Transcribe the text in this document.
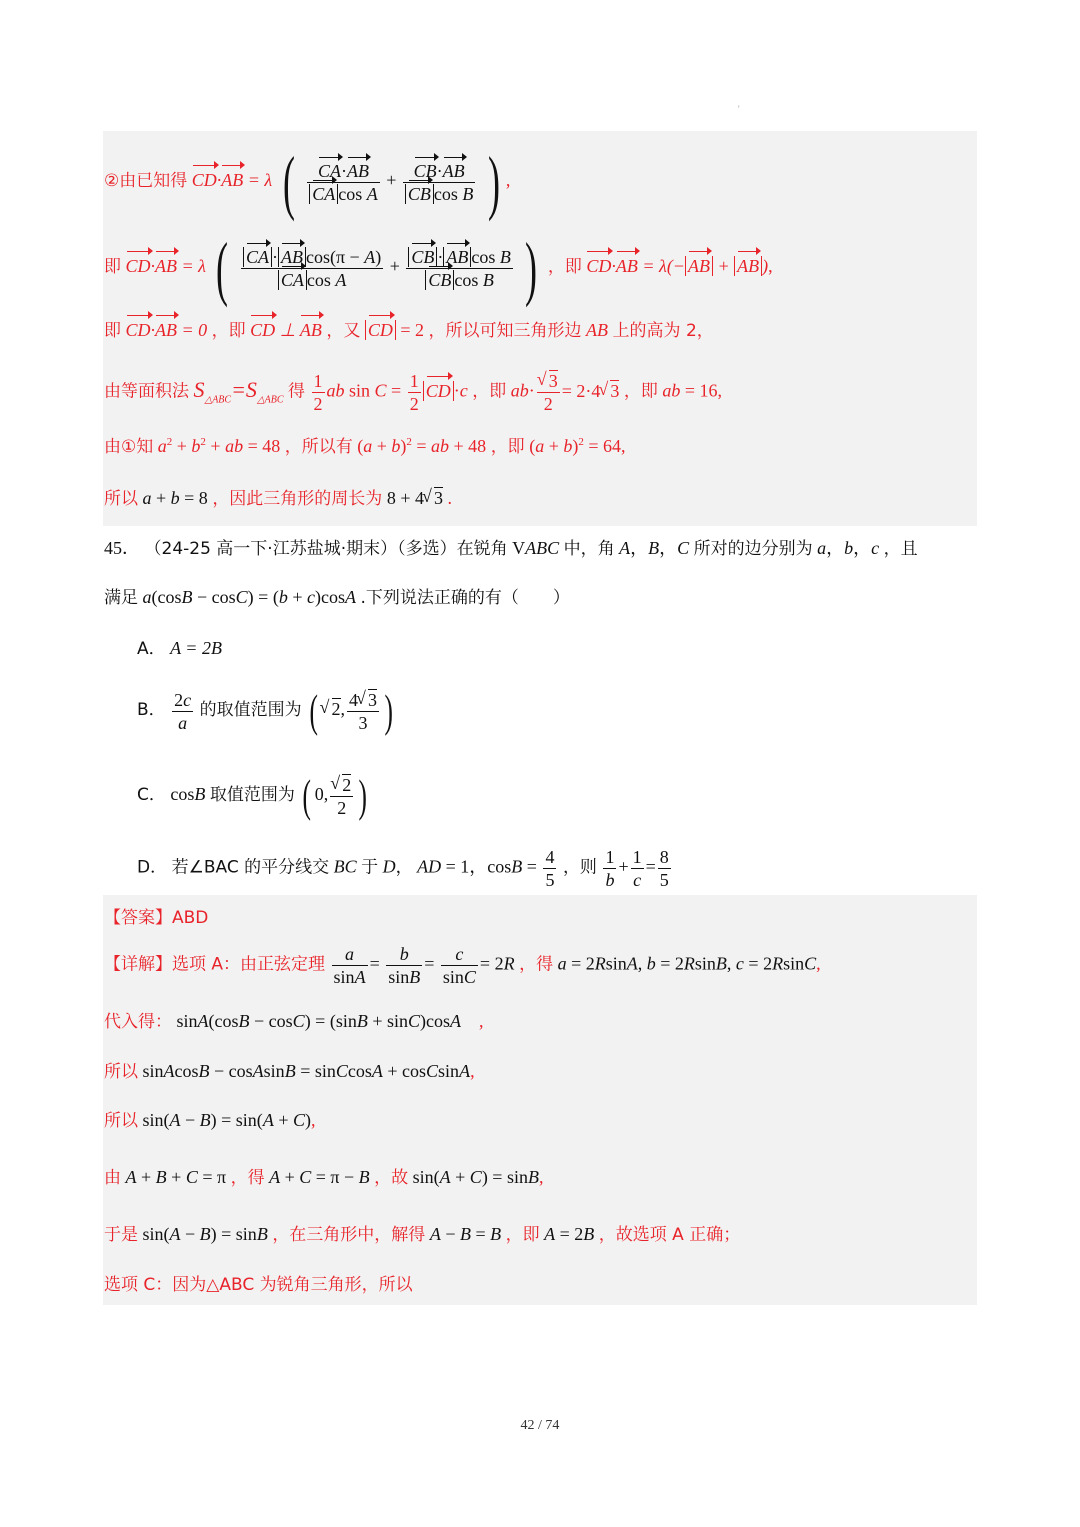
'
②由已知得 CD·AB = λ ( $\frac{CA\cdot AB}{\text{CA cos A}} + \frac{CB\cdot AB}{\text{CB cos B}}$ ) ,
即 CD·AB = λ ( $\frac{\text{CA · AB cos(π − A)}}{\text{CA cos A}} + \frac{\text{CB · AB cos B}}{\text{CB cos B}}$ ) ，即 CD·AB = λ(− AB + AB ),
即 CD·AB = 0 ，即 CD ⊥ AB ，又 CD = 2 ，所以可知三角形边 AB 上的高为 2，
由等面积法 $S_{\triangle ABC}=S_{\triangle ABC}$ 得 $\frac{1}{2}$ ab $\sin C = \frac{1}{2}$ CD ·c ，即 ab·
√ $\frac{3}{2} = 2\cdot 4√$ 3 ，即 ab = 16,
由①知 $a^2 + b^2$ + ab = 48 ，所以有 $(a + b)^2$ = ab + 48 ，即 $(a + b)^2 = 64$,
所以 a + b = 8 ，因此三角形的周长为 8 + 4√ 3 .
45． （24-25 高一下·江苏盐城·期末）（多选）在锐角 VABC 中，角 A，B，C 所对的边分别为 a，b，c ，且
满足 a(cosB − cosC) = (b + c)cosA .下列说法正确的有（　　）
A． A = 2B
B． $\frac{2c}{a}$ 的取值范围为 (√ 2, $\frac{4√ 3}{3}$ )
C． cosB 取值范围为 ( 0,
√ $\frac{2}{2}$ )
D． 若∠BAC 的平分线交 BC 于 D， AD = 1，$\cos B = \frac{4}{5}$ ，则 $\frac{1}{b} + \frac{1}{c} = \frac{8}{5}$
【答案】ABD
【详解】选项 A：由正弦定理 $\frac{a}{\sin A} = \frac{b}{\sin B} = \frac{c}{\sin C} = 2R$ ，得 a = 2RsinA, b = 2RsinB, c = 2RsinC,
代入得： sinA(cosB − cosC) = (sinB + sinC)cosA　,
所以 sinAcosB − cosAsinB = sinCcosA + cosCsinA,
所以 sin(A − B) = sin(A + C),
由 A + B + C = π ，得 A + C = π − B ，故 sin(A + C) = sinB,
于是 sin(A − B) = sinB ，在三角形中，解得 A − B = B ，即 A = 2B ，故选项 A 正确；
选项 C：因为△ABC 为锐角三角形，所以
42 / 74
